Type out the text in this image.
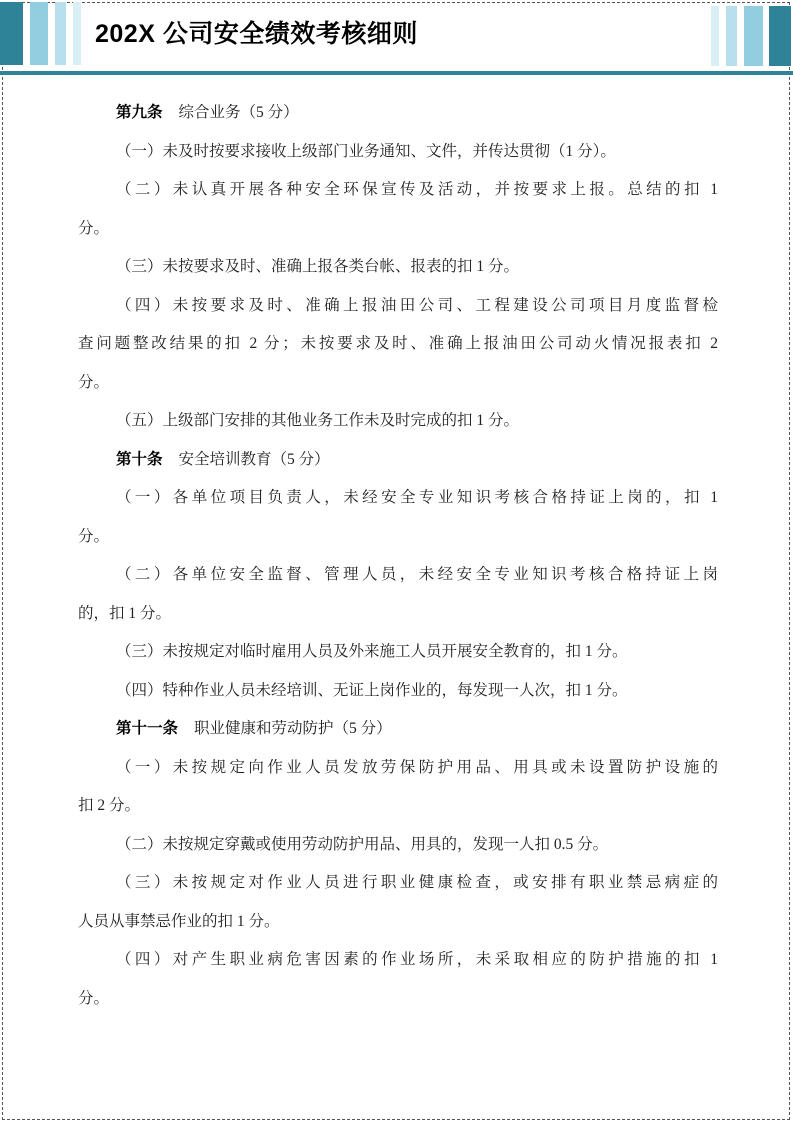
202X 公司安全绩效考核细则
第九条 综合业务（5 分）
（一）未及时按要求接收上级部门业务通知、文件，并传达贯彻（1 分）。
（二）未认真开展各种安全环保宣传及活动，并按要求上报。总结的扣 1
分。
（三）未按要求及时、准确上报各类台帐、报表的扣 1 分。
（四）未按要求及时、准确上报油田公司、工程建设公司项目月度监督检
查问题整改结果的扣 2 分；未按要求及时、准确上报油田公司动火情况报表扣 2
分。
（五）上级部门安排的其他业务工作未及时完成的扣 1 分。
第十条 安全培训教育（5 分）
（一）各单位项目负责人，未经安全专业知识考核合格持证上岗的，扣 1
分。
（二）各单位安全监督、管理人员，未经安全专业知识考核合格持证上岗
的，扣 1 分。
（三）未按规定对临时雇用人员及外来施工人员开展安全教育的，扣 1 分。
（四）特种作业人员未经培训、无证上岗作业的，每发现一人次，扣 1 分。
第十一条 职业健康和劳动防护（5 分）
（一）未按规定向作业人员发放劳保防护用品、用具或未设置防护设施的
扣 2 分。
（二）未按规定穿戴或使用劳动防护用品、用具的，发现一人扣 0.5 分。
（三）未按规定对作业人员进行职业健康检查，或安排有职业禁忌病症的
人员从事禁忌作业的扣 1 分。
（四）对产生职业病危害因素的作业场所，未采取相应的防护措施的扣 1
分。
